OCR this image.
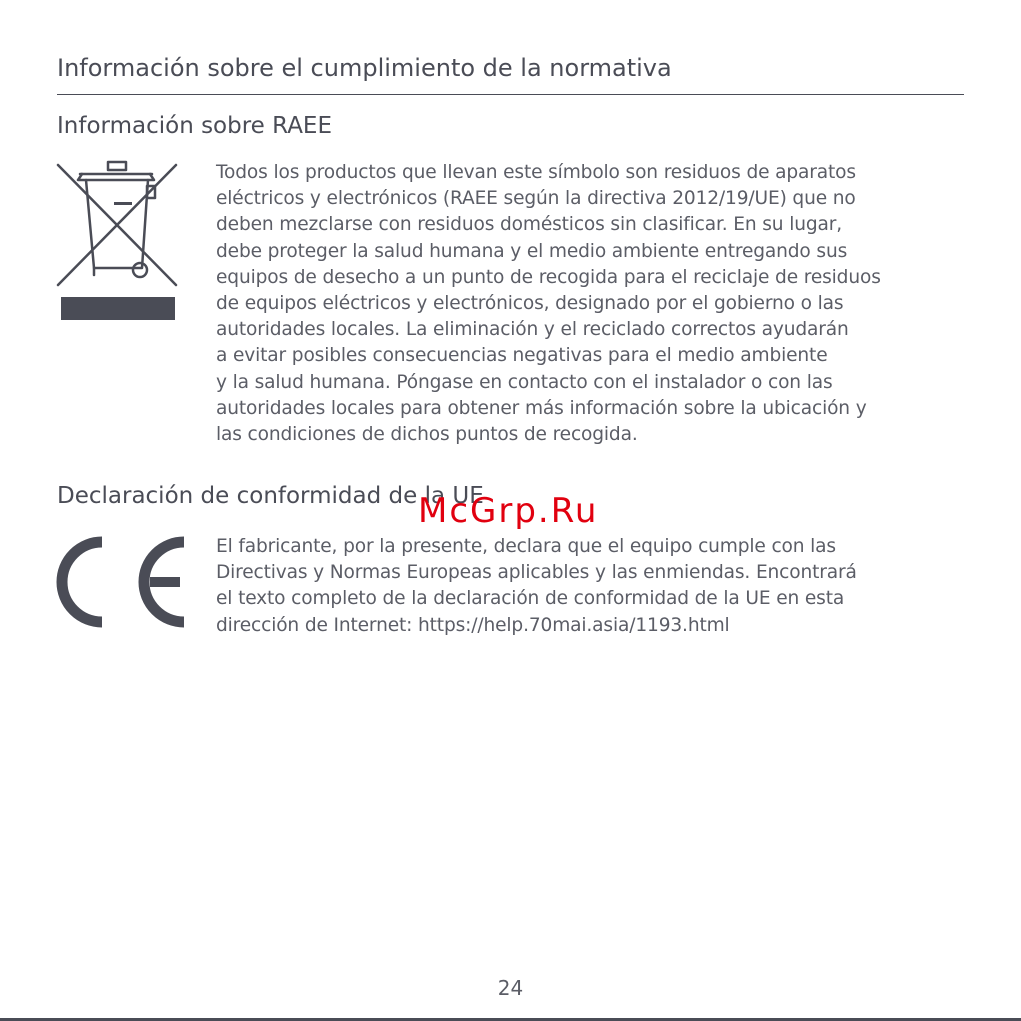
Información sobre el cumplimiento de la normativa
Información sobre RAEE
Todos los productos que llevan este símbolo son residuos de aparatos
eléctricos y electrónicos (RAEE según la directiva 2012/19/UE) que no
deben mezclarse con residuos domésticos sin clasificar. En su lugar,
debe proteger la salud humana y el medio ambiente entregando sus
equipos de desecho a un punto de recogida para el reciclaje de residuos
de equipos eléctricos y electrónicos, designado por el gobierno o las
autoridades locales. La eliminación y el reciclado correctos ayudarán
a evitar posibles consecuencias negativas para el medio ambiente
y la salud humana. Póngase en contacto con el instalador o con las
autoridades locales para obtener más información sobre la ubicación y
las condiciones de dichos puntos de recogida.
Declaración de conformidad de la UE
McGrp.Ru
El fabricante, por la presente, declara que el equipo cumple con las
Directivas y Normas Europeas aplicables y las enmiendas. Encontrará
el texto completo de la declaración de conformidad de la UE en esta
dirección de Internet: https://help.70mai.asia/1193.html
24
